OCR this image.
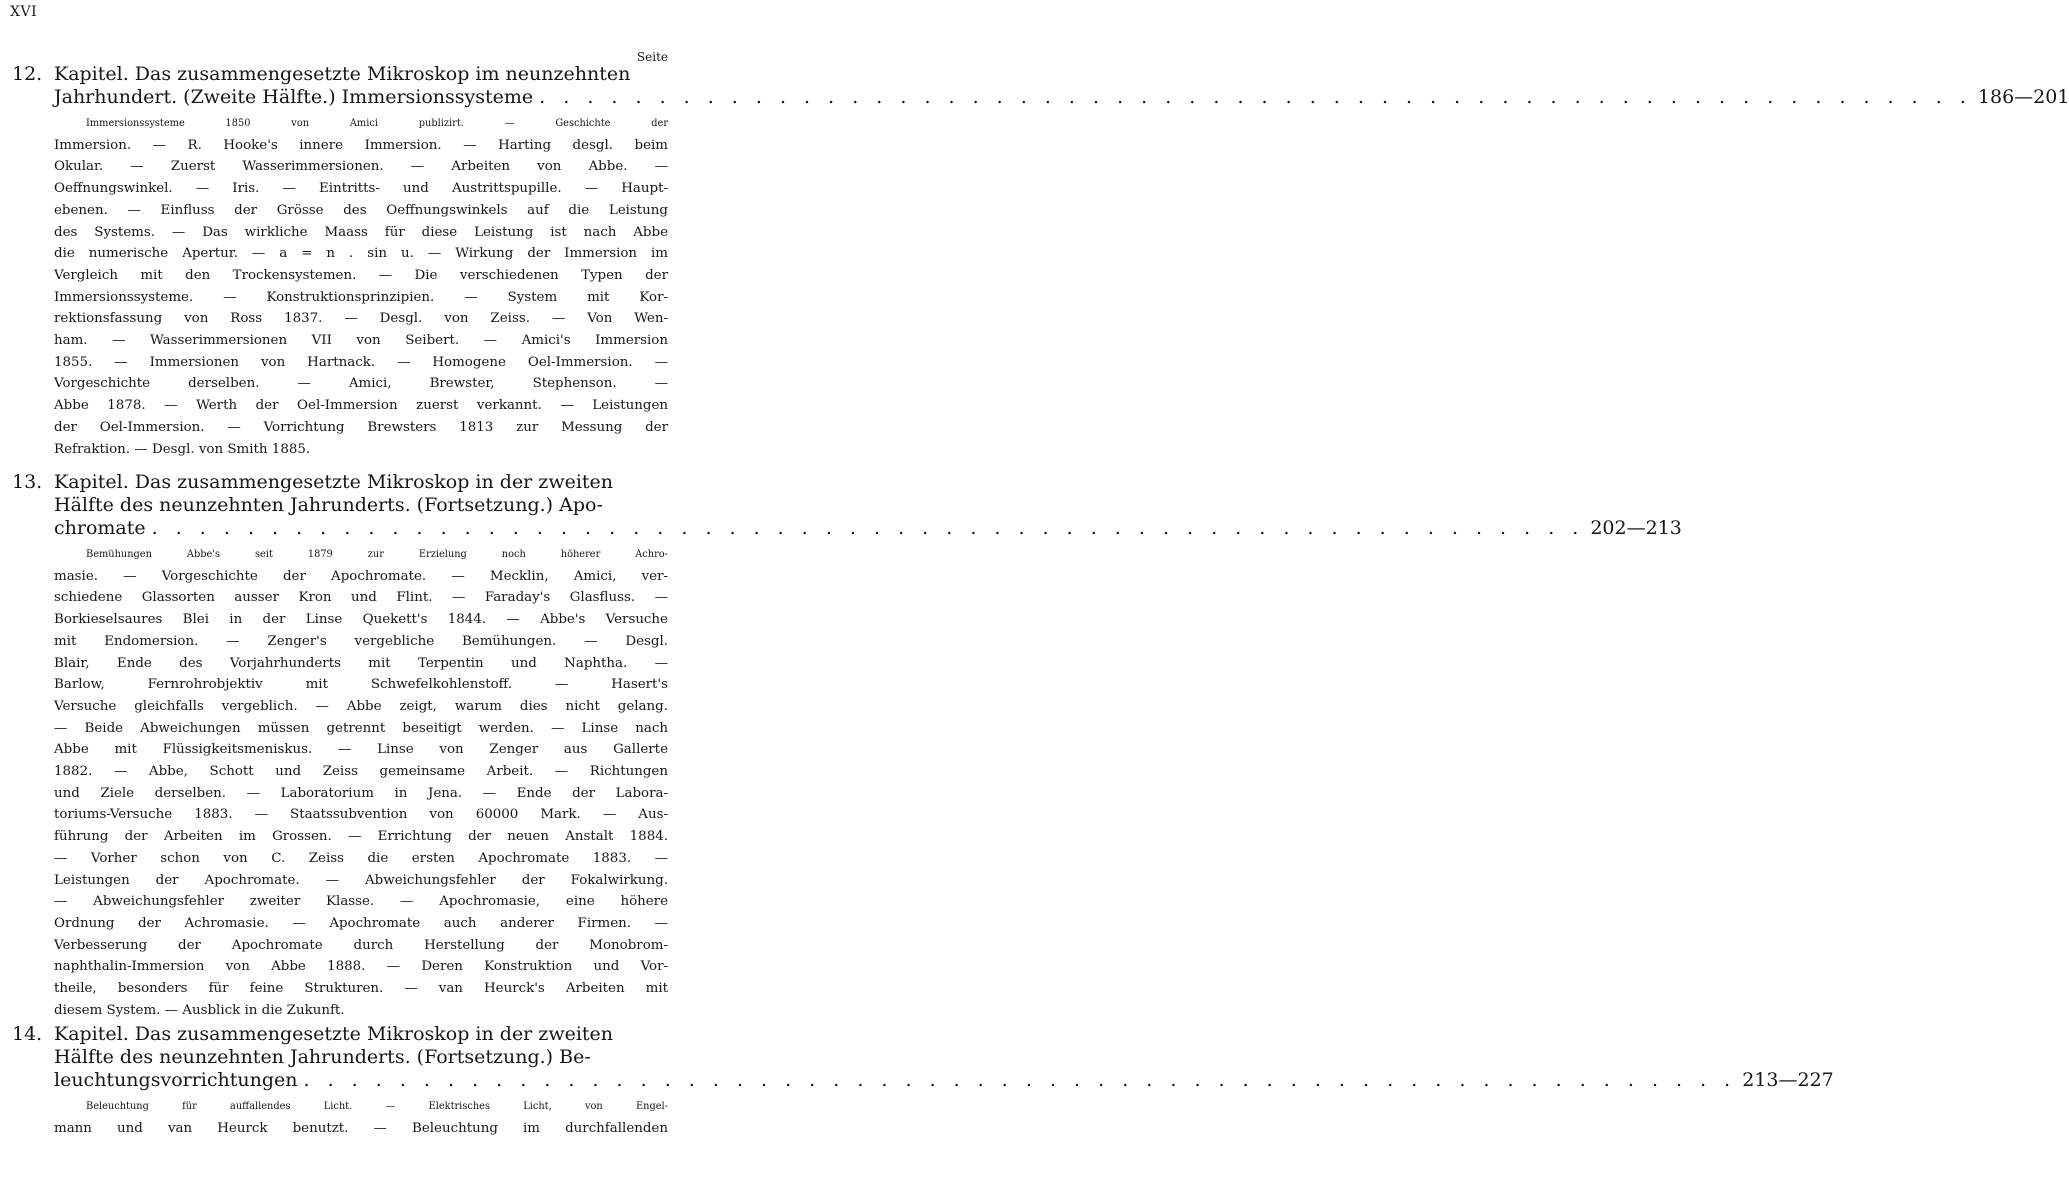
XVI
Seite
12. Kapitel. Das zusammengesetzte Mikroskop im neunzehnten
Jahrhundert. (Zweite Hälfte.) Immersionssysteme . . . . . . . . . . . . . . . . . . . . . . . . . . . . . . . . . . . . . . . . . . . . . . . . . . . . . . . . . . . . 186—201
Immersionssysteme 1850 von Amici publizirt. — Geschichte der
Immersion. — R. Hooke's innere Immersion. — Harting desgl. beim
Okular. — Zuerst Wasserimmersionen. — Arbeiten von Abbe. —
Oeffnungswinkel. — Iris. — Eintritts- und Austrittspupille. — Haupt-
ebenen. — Einfluss der Grösse des Oeffnungswinkels auf die Leistung
des Systems. — Das wirkliche Maass für diese Leistung ist nach Abbe
die numerische Apertur. — a = n . sin u. — Wirkung der Immersion im
Vergleich mit den Trockensystemen. — Die verschiedenen Typen der
Immersionssysteme. — Konstruktionsprinzipien. — System mit Kor-
rektionsfassung von Ross 1837. — Desgl. von Zeiss. — Von Wen-
ham. — Wasserimmersionen VII von Seibert. — Amici's Immersion
1855. — Immersionen von Hartnack. — Homogene Oel-Immersion. —
Vorgeschichte derselben. — Amici, Brewster, Stephenson. —
Abbe 1878. — Werth der Oel-Immersion zuerst verkannt. — Leistungen
der Oel-Immersion. — Vorrichtung Brewsters 1813 zur Messung der
Refraktion. — Desgl. von Smith 1885.
13. Kapitel. Das zusammengesetzte Mikroskop in der zweiten
Hälfte des neunzehnten Jahrunderts. (Fortsetzung.) Apo-
chromate . . . . . . . . . . . . . . . . . . . . . . . . . . . . . . . . . . . . . . . . . . . . . . . . . . . . . . . . . . . . 202—213
Bemühungen Abbe's seit 1879 zur Erzielung noch höherer Achro-
masie. — Vorgeschichte der Apochromate. — Mecklin, Amici, ver-
schiedene Glassorten ausser Kron und Flint. — Faraday's Glasfluss. —
Borkieselsaures Blei in der Linse Quekett's 1844. — Abbe's Versuche
mit Endomersion. — Zenger's vergebliche Bemühungen. — Desgl.
Blair, Ende des Vorjahrhunderts mit Terpentin und Naphtha. —
Barlow, Fernrohrobjektiv mit Schwefelkohlenstoff. — Hasert's
Versuche gleichfalls vergeblich. — Abbe zeigt, warum dies nicht gelang.
— Beide Abweichungen müssen getrennt beseitigt werden. — Linse nach
Abbe mit Flüssigkeitsmeniskus. — Linse von Zenger aus Gallerte
1882. — Abbe, Schott und Zeiss gemeinsame Arbeit. — Richtungen
und Ziele derselben. — Laboratorium in Jena. — Ende der Labora-
toriums-Versuche 1883. — Staatssubvention von 60000 Mark. — Aus-
führung der Arbeiten im Grossen. — Errichtung der neuen Anstalt 1884.
— Vorher schon von C. Zeiss die ersten Apochromate 1883. —
Leistungen der Apochromate. — Abweichungsfehler der Fokalwirkung.
— Abweichungsfehler zweiter Klasse. — Apochromasie, eine höhere
Ordnung der Achromasie. — Apochromate auch anderer Firmen. —
Verbesserung der Apochromate durch Herstellung der Monobrom-
naphthalin-Immersion von Abbe 1888. — Deren Konstruktion und Vor-
theile, besonders für feine Strukturen. — van Heurck's Arbeiten mit
diesem System. — Ausblick in die Zukunft.
14. Kapitel. Das zusammengesetzte Mikroskop in der zweiten
Hälfte des neunzehnten Jahrunderts. (Fortsetzung.) Be-
leuchtungsvorrichtungen . . . . . . . . . . . . . . . . . . . . . . . . . . . . . . . . . . . . . . . . . . . . . . . . . . . . . . . . . . . . 213—227
Beleuchtung für auffallendes Licht. — Elektrisches Licht, von Engel-
mann und van Heurck benutzt. — Beleuchtung im durchfallenden
